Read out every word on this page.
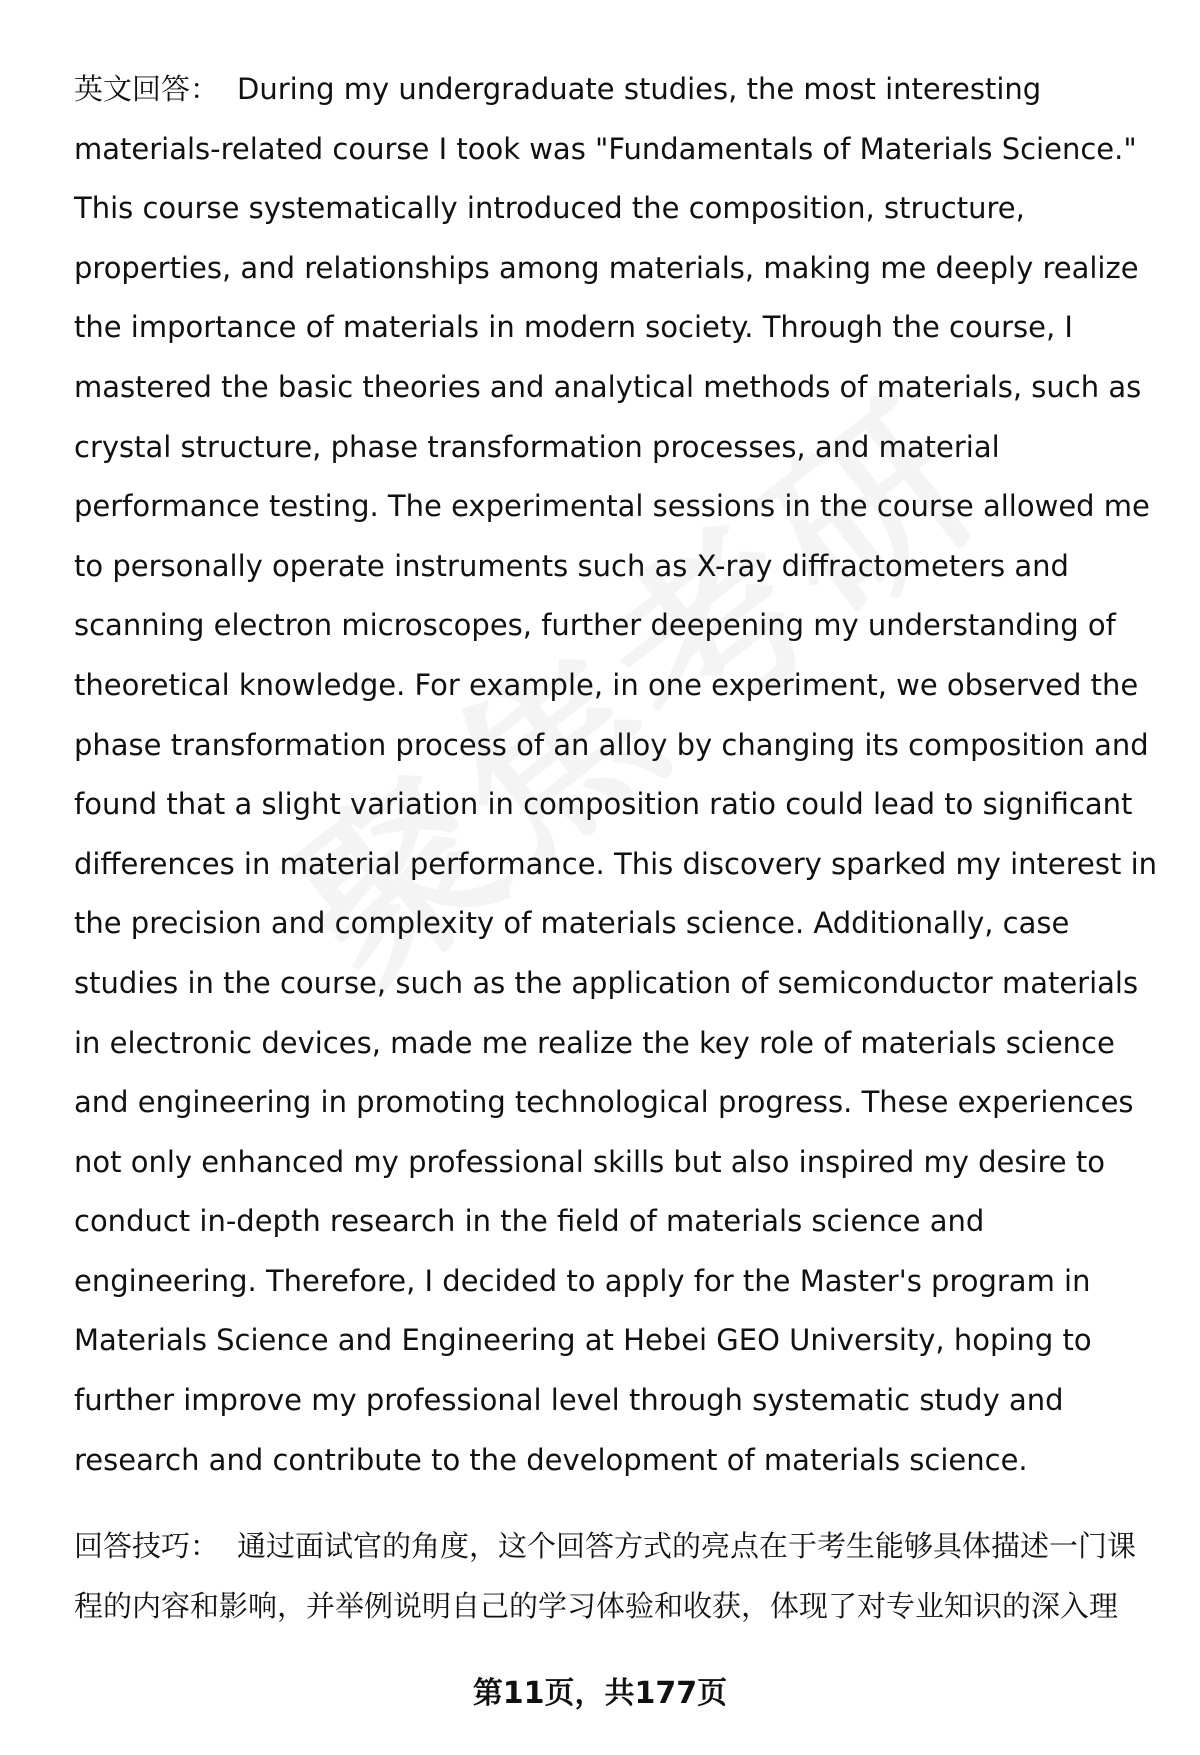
英文回答： During my undergraduate studies, the most interesting materials-related course I took was "Fundamentals of Materials Science." This course systematically introduced the composition, structure, properties, and relationships among materials, making me deeply realize the importance of materials in modern society. Through the course, I mastered the basic theories and analytical methods of materials, such as crystal structure, phase transformation processes, and material performance testing. The experimental sessions in the course allowed me to personally operate instruments such as X-ray diffractometers and scanning electron microscopes, further deepening my understanding of theoretical knowledge. For example, in one experiment, we observed the phase transformation process of an alloy by changing its composition and found that a slight variation in composition ratio could lead to significant differences in material performance. This discovery sparked my interest in the precision and complexity of materials science. Additionally, case studies in the course, such as the application of semiconductor materials in electronic devices, made me realize the key role of materials science and engineering in promoting technological progress. These experiences not only enhanced my professional skills but also inspired my desire to conduct in-depth research in the field of materials science and engineering. Therefore, I decided to apply for the Master's program in Materials Science and Engineering at Hebei GEO University, hoping to further improve my professional level through systematic study and research and contribute to the development of materials science.

回答技巧： 通过面试官的角度，这个回答方式的亮点在于考生能够具体描述一门课程的内容和影响，并举例说明自己的学习体验和收获，体现了对专业知识的深入理

第11页，共177页
